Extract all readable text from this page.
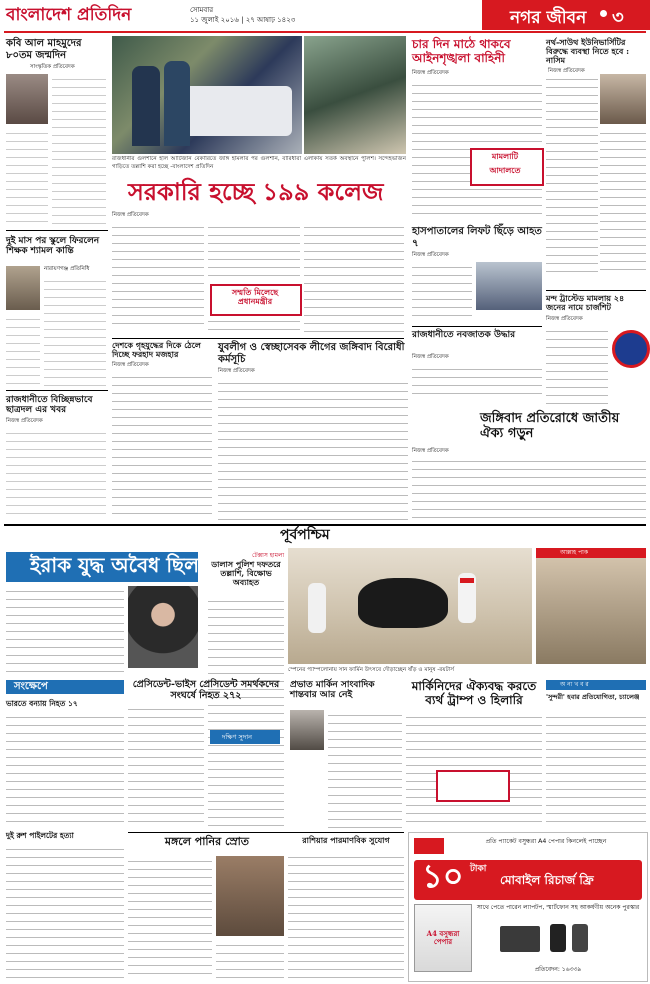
বাংলাদেশ প্রতিদিন	সোমবার
১১ জুলাই ২০১৬ | ২৭ আষাঢ় ১৪২৩	নগর জীবন ৩
কবি আল মাহমুদের ৮০তম জন্মদিন
সাংস্কৃতিক প্রতিবেদক
দুই মাস পর স্কুলে ফিরলেন শিক্ষক শ্যামল কান্তি
নারায়ণগঞ্জ প্রতিনিধি
রাজধানীতে বিচ্ছিন্নভাবে ছাত্রদল এর খবর
নিজস্ব প্রতিবেদক
রাজধানীর গুলশানে হলি আর্টিজান বেকারিতে জঙ্গি হামলার পর গুলশান, বারিধারা এলাকায় সতর্ক অবস্থানে পুলিশ। সন্দেহভাজন গাড়িতে তল্লাশি করা হচ্ছে -বাংলাদেশ প্রতিদিন
সরকারি হচ্ছে ১৯৯ কলেজ
নিজস্ব প্রতিবেদক
সম্মতি মিলেছে প্রধানমন্ত্রীর
দেশকে গৃহযুদ্ধের দিকে ঠেলে দিচ্ছে ফরহাদ মজহার
নিজস্ব প্রতিবেদক
যুবলীগ ও স্বেচ্ছাসেবক লীগের জঙ্গিবাদ বিরোধী কর্মসূচি
নিজস্ব প্রতিবেদক
চার দিন মাঠে থাকবে আইনশৃঙ্খলা বাহিনী
নিজস্ব প্রতিবেদক
মামলাটি
আদালতে
হাসপাতালের লিফট ছিঁড়ে আহত ৭
নিজস্ব প্রতিবেদক
রাজধানীতে নবজাতক উদ্ধার
নিজস্ব প্রতিবেদক
জঙ্গিবাদ প্রতিরোধে জাতীয় ঐক্য গড়ুন
নিজস্ব প্রতিবেদক
নর্থ-সাউথ ইউনিভার্সিটির বিরুদ্ধে ব্যবস্থা নিতে হবে : নাসিম
নিজস্ব প্রতিবেদক
মন্দ ট্রাস্টেড মামলায় ২৪ জনের নামে চার্জশিট
নিজস্ব প্রতিবেদক
পূর্বপশ্চিম
ইরাক যুদ্ধ অবৈধ ছিল
সংক্ষেপে
ভারতে বন্যায় নিহত ১৭
দুই রুশ পাইলটের হত্যা
টেক্সাস হামলা
ডালাস পুলিশ দফতরে তল্লাশি, বিক্ষোভ অব্যাহত
আল্লাহ পাক
স্পেনের প্যাম্পলোনায় সান ফার্মিন উৎসবে দৌড়াচ্ছেন ষাঁড় ও মানুষ -রয়টার্স
প্রভাত মার্কিন সাংবাদিক শান্তবার আর নেই
মার্কিনিদের ঐক্যবদ্ধ করতে ব্যর্থ ট্রাম্প ও হিলারি
অ ন্য খ ব র
'সুন্দরী' হবার প্রতিযোগিতা, চ্যালেঞ্জ
প্রেসিডেন্ট-ভাইস প্রেসিডেন্ট সমর্থকদের সংঘর্ষে নিহত ২৭২
দক্ষিণ সুদান
মঙ্গলে পানির স্রোত	রাশিয়ার পারমাণবিক সুযোগ	প্রতি প্যাকেট বসুন্ধরা A4 পেপার কিনলেই পাচ্ছেন
১০ টাকা
মোবাইল রিচার্জ ফ্রি
A4 বসুন্ধরা পেপার
সাথে পেতে পারেন ল্যাপটপ, স্মার্টফোন সহ আকর্ষণীয় অনেক পুরস্কার
প্রতিবেদন: ১৬৩৩৯
